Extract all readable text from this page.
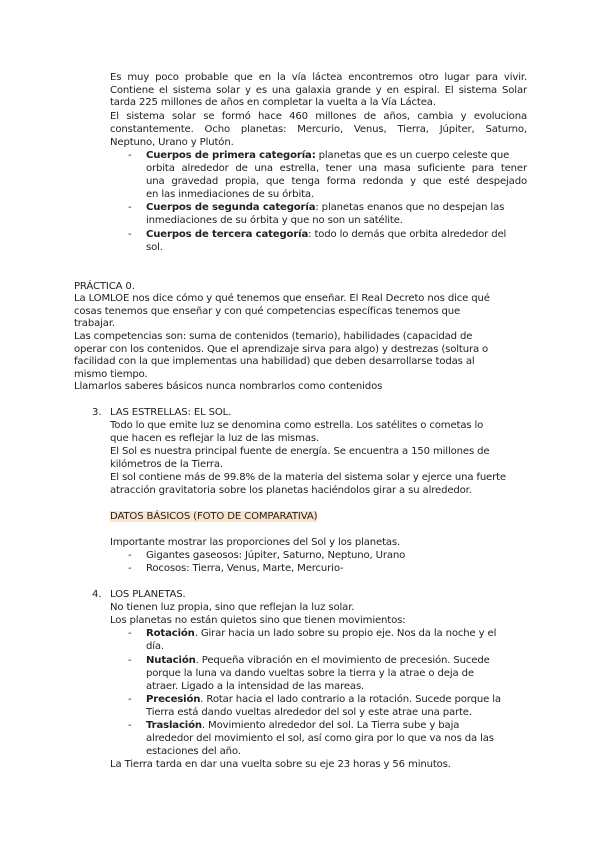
Es muy poco probable que en la vía láctea encontremos otro lugar para vivir.
Contiene el sistema solar y es una galaxia grande y en espiral. El sistema Solar
tarda 225 millones de años en completar la vuelta a la Vía Láctea.
El sistema solar se formó hace 460 millones de años, cambia y evoluciona
constantemente. Ocho planetas: Mercurio, Venus, Tierra, Júpiter, Saturno,
Neptuno, Urano y Plutón.
- Cuerpos de primera categoría: planetas que es un cuerpo celeste que
orbita alrededor de una estrella, tener una masa suficiente para tener
una gravedad propia, que tenga forma redonda y que esté despejado
en las inmediaciones de su órbita.
- Cuerpos de segunda categoría: planetas enanos que no despejan las
inmediaciones de su órbita y que no son un satélite.
- Cuerpos de tercera categoría: todo lo demás que orbita alrededor del
sol.
PRÁCTICA 0.
La LOMLOE nos dice cómo y qué tenemos que enseñar. El Real Decreto nos dice qué
cosas tenemos que enseñar y con qué competencias específicas tenemos que
trabajar.
Las competencias son: suma de contenidos (temario), habilidades (capacidad de
operar con los contenidos. Que el aprendizaje sirva para algo) y destrezas (soltura o
facilidad con la que implementas una habilidad) que deben desarrollarse todas al
mismo tiempo.
Llamarlos saberes básicos nunca nombrarlos como contenidos
3. LAS ESTRELLAS: EL SOL.
Todo lo que emite luz se denomina como estrella. Los satélites o cometas lo
que hacen es reflejar la luz de las mismas.
El Sol es nuestra principal fuente de energía. Se encuentra a 150 millones de
kilómetros de la Tierra.
El sol contiene más de 99.8% de la materia del sistema solar y ejerce una fuerte
atracción gravitatoria sobre los planetas haciéndolos girar a su alrededor.
DATOS BÁSICOS (FOTO DE COMPARATIVA)
Importante mostrar las proporciones del Sol y los planetas.
- Gigantes gaseosos: Júpiter, Saturno, Neptuno, Urano
- Rocosos: Tierra, Venus, Marte, Mercurio-
4. LOS PLANETAS.
No tienen luz propia, sino que reflejan la luz solar.
Los planetas no están quietos sino que tienen movimientos:
- Rotación. Girar hacia un lado sobre su propio eje. Nos da la noche y el
día.
- Nutación. Pequeña vibración en el movimiento de precesión. Sucede
porque la luna va dando vueltas sobre la tierra y la atrae o deja de
atraer. Ligado a la intensidad de las mareas.
- Precesión. Rotar hacia el lado contrario a la rotación. Sucede porque la
Tierra está dando vueltas alrededor del sol y este atrae una parte.
- Traslación. Movimiento alrededor del sol. La Tierra sube y baja
alrededor del movimiento el sol, así como gira por lo que va nos da las
estaciones del año.
La Tierra tarda en dar una vuelta sobre su eje 23 horas y 56 minutos.
